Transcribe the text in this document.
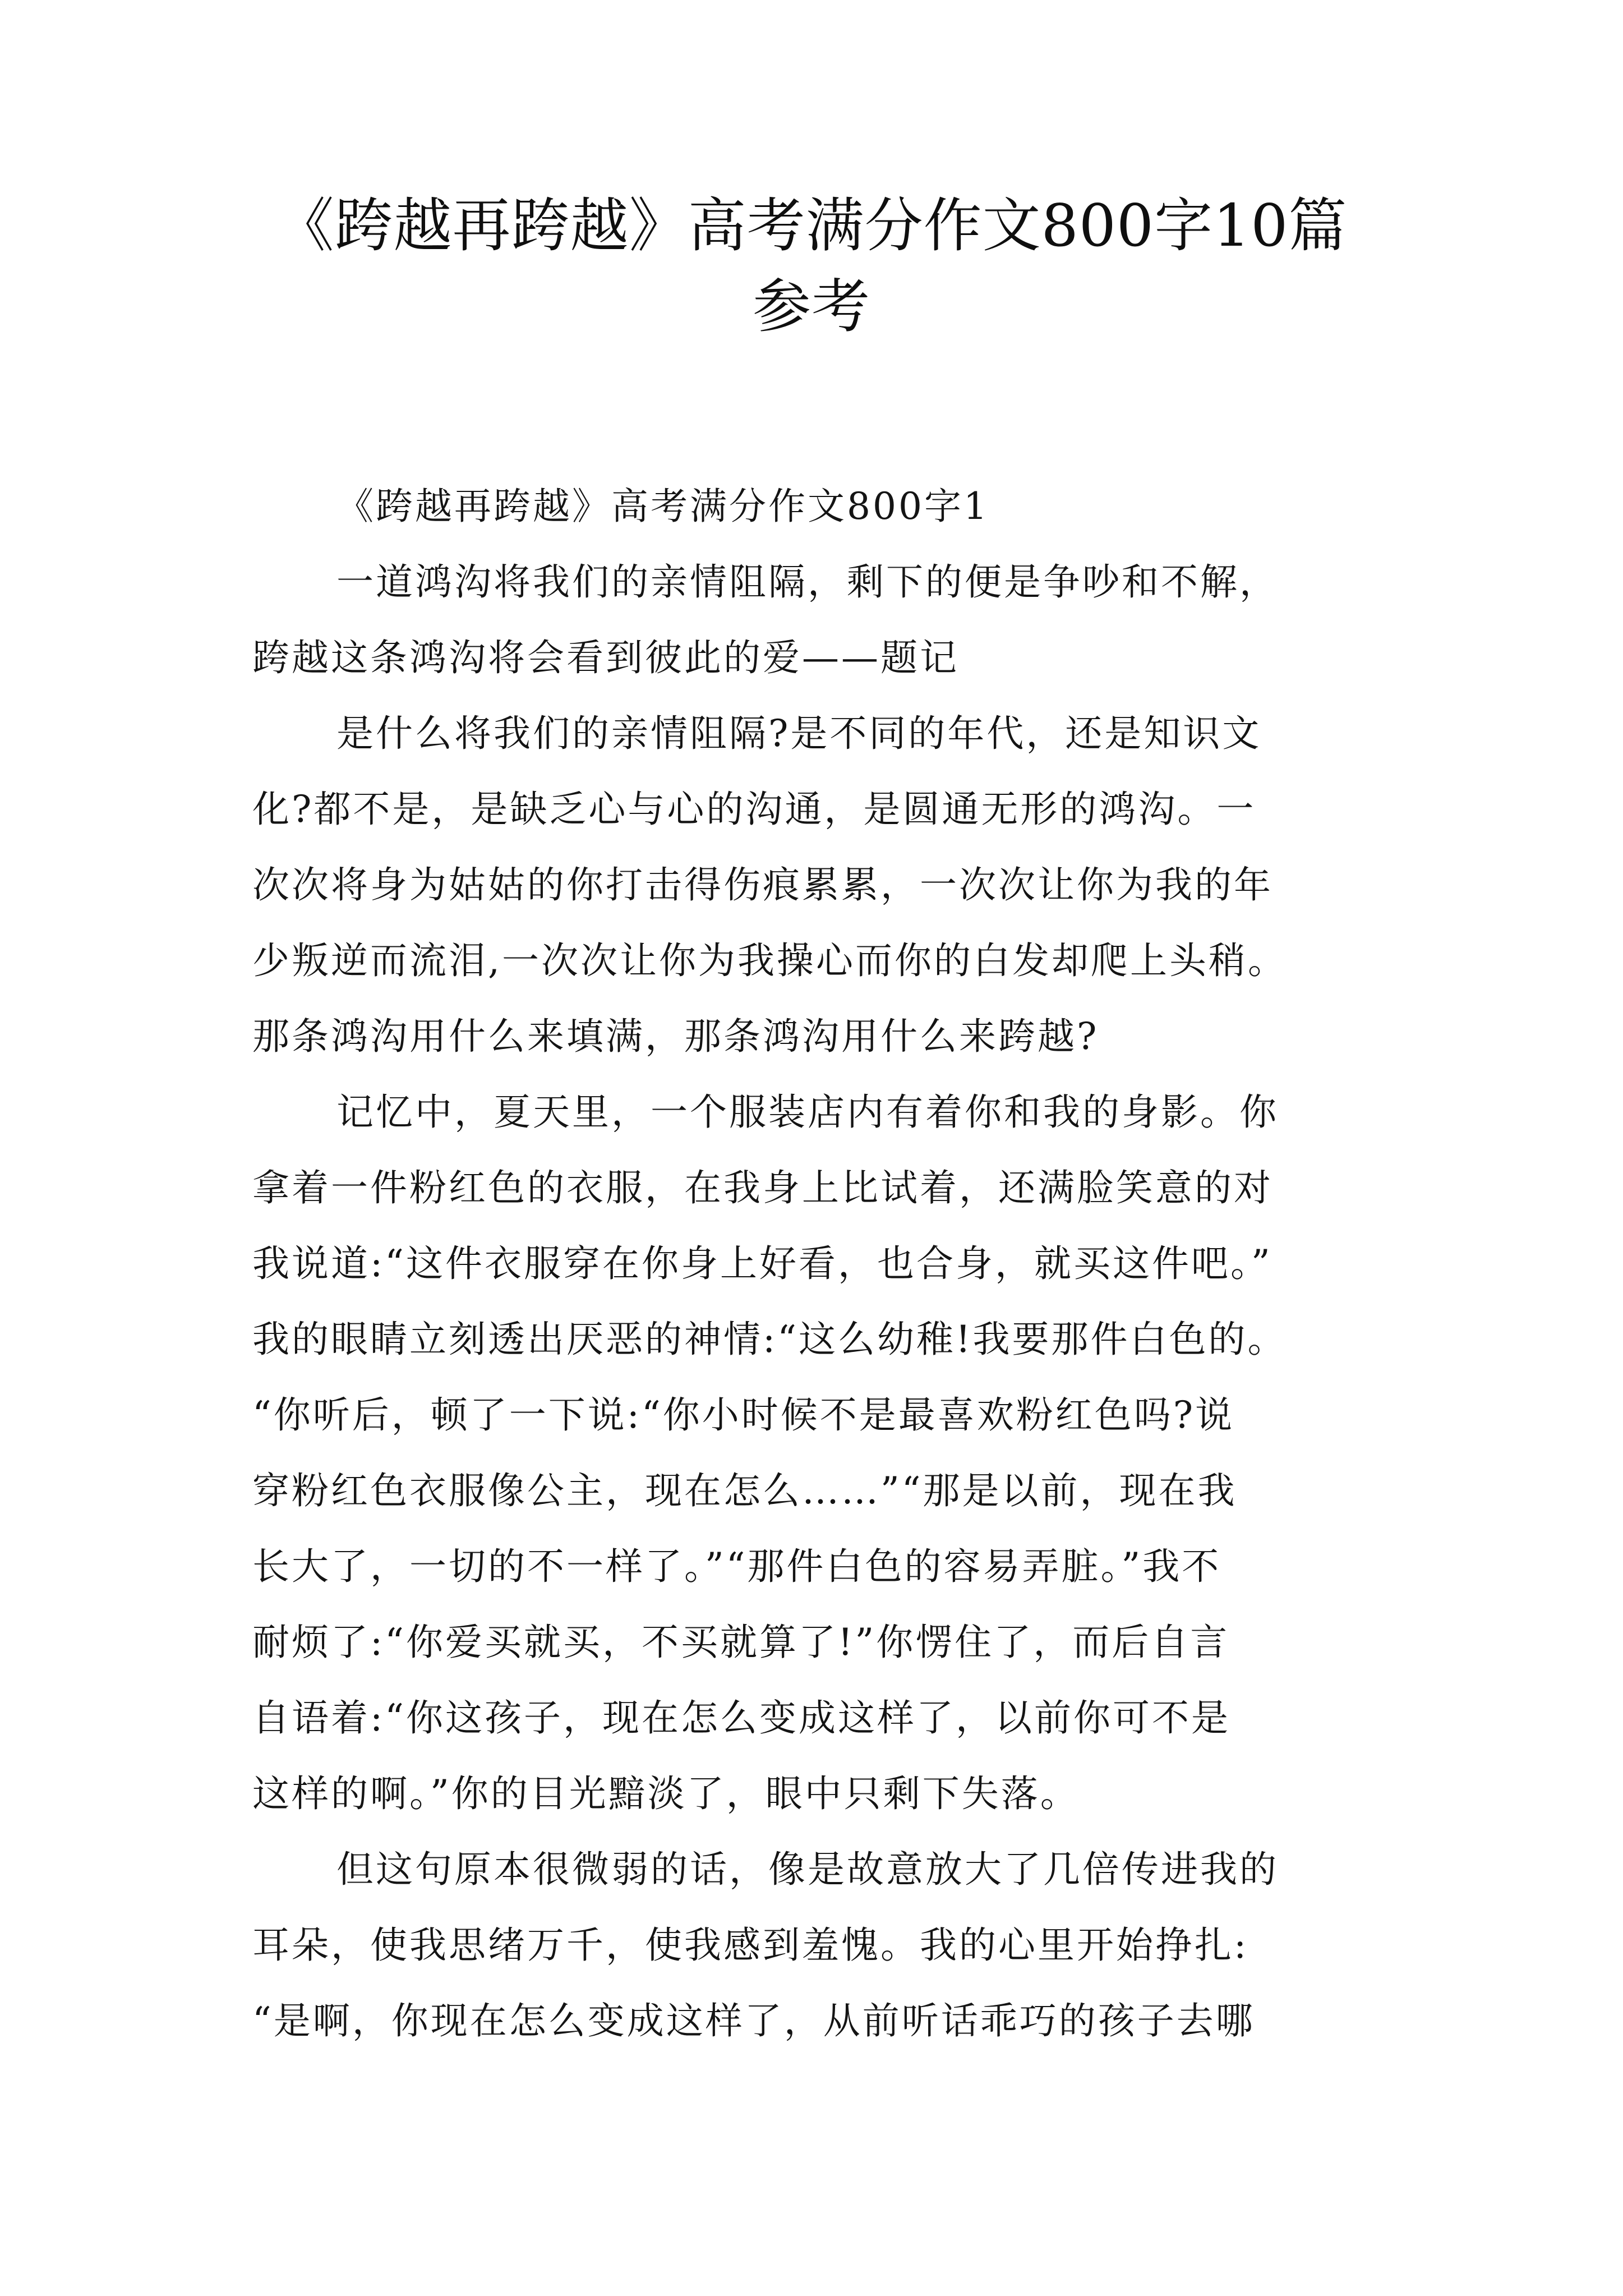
《跨越再跨越》高考满分作文800字10篇
参考
《跨越再跨越》高考满分作文800字1
一道鸿沟将我们的亲情阻隔，剩下的便是争吵和不解，
跨越这条鸿沟将会看到彼此的爱——题记
是什么将我们的亲情阻隔?是不同的年代，还是知识文
化?都不是，是缺乏心与心的沟通，是圆通无形的鸿沟。一
次次将身为姑姑的你打击得伤痕累累，一次次让你为我的年
少叛逆而流泪,一次次让你为我操心而你的白发却爬上头稍。
那条鸿沟用什么来填满，那条鸿沟用什么来跨越?
记忆中，夏天里，一个服装店内有着你和我的身影。你
拿着一件粉红色的衣服，在我身上比试着，还满脸笑意的对
我说道:“这件衣服穿在你身上好看，也合身，就买这件吧。”
我的眼睛立刻透出厌恶的神情:“这么幼稚!我要那件白色的。
“你听后，顿了一下说:“你小时候不是最喜欢粉红色吗?说
穿粉红色衣服像公主，现在怎么……”“那是以前，现在我
长大了，一切的不一样了。”“那件白色的容易弄脏。”我不
耐烦了:“你爱买就买，不买就算了!”你愣住了，而后自言
自语着:“你这孩子，现在怎么变成这样了，以前你可不是
这样的啊。”你的目光黯淡了，眼中只剩下失落。
但这句原本很微弱的话，像是故意放大了几倍传进我的
耳朵，使我思绪万千，使我感到羞愧。我的心里开始挣扎:
“是啊，你现在怎么变成这样了，从前听话乖巧的孩子去哪
